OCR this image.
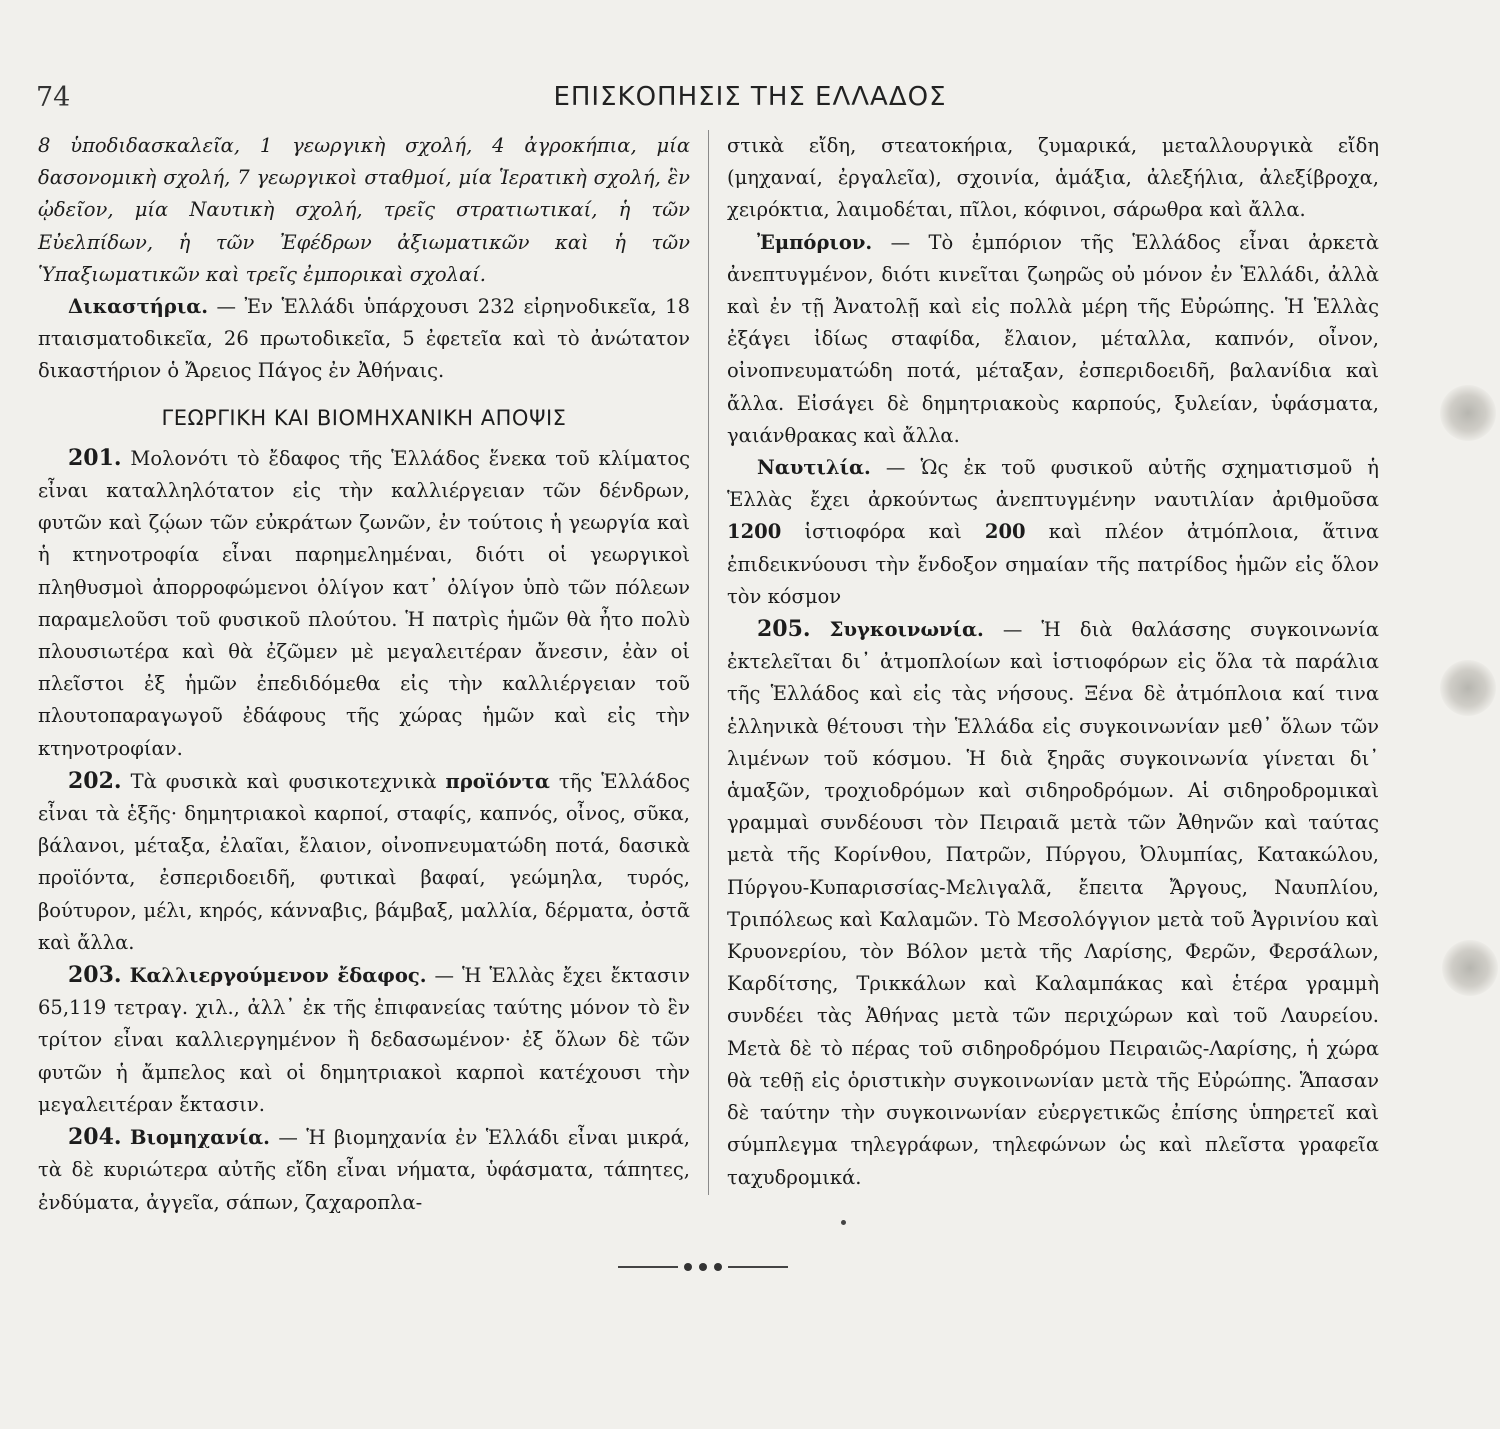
74	ΕΠΙΣΚΟΠΗΣΙΣ ΤΗΣ ΕΛΛΑΔΟΣ

8 ὑποδιδασκαλεῖα, 1 γεωργικὴ σχολή, 4 ἀγροκήπια, μία δασονομικὴ σχολή, 7 γεωργικοὶ σταθμοί, μία Ἱερατικὴ σχολή, ἓν ᾠδεῖον, μία Ναυτικὴ σχολή, τρεῖς στρατιωτικαί, ἡ τῶν Εὐελπίδων, ἡ τῶν Ἐφέδρων ἀξιωματικῶν καὶ ἡ τῶν Ὑπαξιωματικῶν καὶ τρεῖς ἐμπορικαὶ σχολαί.

Δικαστήρια. — Ἐν Ἑλλάδι ὑπάρχουσι 232 εἰρηνοδικεῖα, 18 πταισματοδικεῖα, 26 πρωτοδικεῖα, 5 ἐφετεῖα καὶ τὸ ἀνώτατον δικαστήριον ὁ Ἄρειος Πάγος ἐν Ἀθήναις.

ΓΕΩΡΓΙΚΗ ΚΑΙ ΒΙΟΜΗΧΑΝΙΚΗ ΑΠΟΨΙΣ

201. Μολονότι τὸ ἔδαφος τῆς Ἑλλάδος ἕνεκα τοῦ κλίματος εἶναι καταλληλότατον εἰς τὴν καλλιέργειαν τῶν δένδρων, φυτῶν καὶ ζῴων τῶν εὐκράτων ζωνῶν, ἐν τούτοις ἡ γεωργία καὶ ἡ κτηνοτροφία εἶναι παρημελημέναι, διότι οἱ γεωργικοὶ πληθυσμοὶ ἀπορροφώμενοι ὀλίγον κατ᾽ ὀλίγον ὑπὸ τῶν πόλεων παραμελοῦσι τοῦ φυσικοῦ πλούτου. Ἡ πατρὶς ἡμῶν θὰ ἦτο πολὺ πλουσιωτέρα καὶ θὰ ἐζῶμεν μὲ μεγαλειτέραν ἄνεσιν, ἐὰν οἱ πλεῖστοι ἐξ ἡμῶν ἐπεδιδόμεθα εἰς τὴν καλλιέργειαν τοῦ πλουτοπαραγωγοῦ ἐδάφους τῆς χώρας ἡμῶν καὶ εἰς τὴν κτηνοτροφίαν.

202. Τὰ φυσικὰ καὶ φυσικοτεχνικὰ προϊόντα τῆς Ἑλλάδος εἶναι τὰ ἑξῆς· δημητριακοὶ καρποί, σταφίς, καπνός, οἶνος, σῦκα, βάλανοι, μέταξα, ἐλαῖαι, ἔλαιον, οἰνοπνευματώδη ποτά, δασικὰ προϊόντα, ἐσπεριδοειδῆ, φυτικαὶ βαφαί, γεώμηλα, τυρός, βούτυρον, μέλι, κηρός, κάνναβις, βάμβαξ, μαλλία, δέρματα, ὀστᾶ καὶ ἄλλα.

203. Καλλιεργούμενον ἔδαφος. — Ἡ Ἑλλὰς ἔχει ἔκτασιν 65,119 τετραγ. χιλ., ἀλλ᾽ ἐκ τῆς ἐπιφανείας ταύτης μόνον τὸ ἓν τρίτον εἶναι καλλιεργημένον ἢ δεδασωμένον· ἐξ ὅλων δὲ τῶν φυτῶν ἡ ἄμπελος καὶ οἱ δημητριακοὶ καρποὶ κατέχουσι τὴν μεγαλειτέραν ἔκτασιν.

204. Βιομηχανία. — Ἡ βιομηχανία ἐν Ἑλλάδι εἶναι μικρά, τὰ δὲ κυριώτερα αὐτῆς εἴδη εἶναι νήματα, ὑφάσματα, τάπητες, ἐνδύματα, ἀγγεῖα, σάπων, ζαχαροπλα-

στικὰ εἴδη, στεατοκήρια, ζυμαρικά, μεταλλουργικὰ εἴδη (μηχαναί, ἐργαλεῖα), σχοινία, ἁμάξια, ἀλεξήλια, ἀλεξίβροχα, χειρόκτια, λαιμοδέται, πῖλοι, κόφινοι, σάρωθρα καὶ ἄλλα.

Ἐμπόριον. — Τὸ ἐμπόριον τῆς Ἑλλάδος εἶναι ἀρκετὰ ἀνεπτυγμένον, διότι κινεῖται ζωηρῶς οὐ μόνον ἐν Ἑλλάδι, ἀλλὰ καὶ ἐν τῇ Ἀνατολῇ καὶ εἰς πολλὰ μέρη τῆς Εὐρώπης. Ἡ Ἑλλὰς ἐξάγει ἰδίως σταφίδα, ἔλαιον, μέταλλα, καπνόν, οἶνον, οἰνοπνευματώδη ποτά, μέταξαν, ἐσπεριδοειδῆ, βαλανίδια καὶ ἄλλα. Εἰσάγει δὲ δημητριακοὺς καρπούς, ξυλείαν, ὑφάσματα, γαιάνθρακας καὶ ἄλλα.

Ναυτιλία. — Ὡς ἐκ τοῦ φυσικοῦ αὐτῆς σχηματισμοῦ ἡ Ἑλλὰς ἔχει ἀρκούντως ἀνεπτυγμένην ναυτιλίαν ἀριθμοῦσα 1200 ἱστιοφόρα καὶ 200 καὶ πλέον ἀτμόπλοια, ἅτινα ἐπιδεικνύουσι τὴν ἔνδοξον σημαίαν τῆς πατρίδος ἡμῶν εἰς ὅλον τὸν κόσμον

205. Συγκοινωνία. — Ἡ διὰ θαλάσσης συγκοινωνία ἐκτελεῖται δι᾽ ἀτμοπλοίων καὶ ἱστιοφόρων εἰς ὅλα τὰ παράλια τῆς Ἑλλάδος καὶ εἰς τὰς νήσους. Ξένα δὲ ἀτμόπλοια καί τινα ἑλληνικὰ θέτουσι τὴν Ἑλλάδα εἰς συγκοινωνίαν μεθ᾽ ὅλων τῶν λιμένων τοῦ κόσμου. Ἡ διὰ ξηρᾶς συγκοινωνία γίνεται δι᾽ ἁμαξῶν, τροχιοδρόμων καὶ σιδηροδρόμων. Αἱ σιδηροδρομικαὶ γραμμαὶ συνδέουσι τὸν Πειραιᾶ μετὰ τῶν Ἀθηνῶν καὶ ταύτας μετὰ τῆς Κορίνθου, Πατρῶν, Πύργου, Ὀλυμπίας, Κατακώλου, Πύργου-Κυπαρισσίας-Μελιγαλᾶ, ἔπειτα Ἄργους, Ναυπλίου, Τριπόλεως καὶ Καλαμῶν. Τὸ Μεσολόγγιον μετὰ τοῦ Ἀγρινίου καὶ Κρυονερίου, τὸν Βόλον μετὰ τῆς Λαρίσης, Φερῶν, Φερσάλων, Καρδίτσης, Τρικκάλων καὶ Καλαμπάκας καὶ ἑτέρα γραμμὴ συνδέει τὰς Ἀθήνας μετὰ τῶν περιχώρων καὶ τοῦ Λαυρείου. Μετὰ δὲ τὸ πέρας τοῦ σιδηροδρόμου Πειραιῶς-Λαρίσης, ἡ χώρα θὰ τεθῇ εἰς ὁριστικὴν συγκοινωνίαν μετὰ τῆς Εὐρώπης. Ἅπασαν δὲ ταύτην τὴν συγκοινωνίαν εὐεργετικῶς ἐπίσης ὑπηρετεῖ καὶ σύμπλεγμα τηλεγράφων, τηλεφώνων ὡς καὶ πλεῖστα γραφεῖα ταχυδρομικά.
